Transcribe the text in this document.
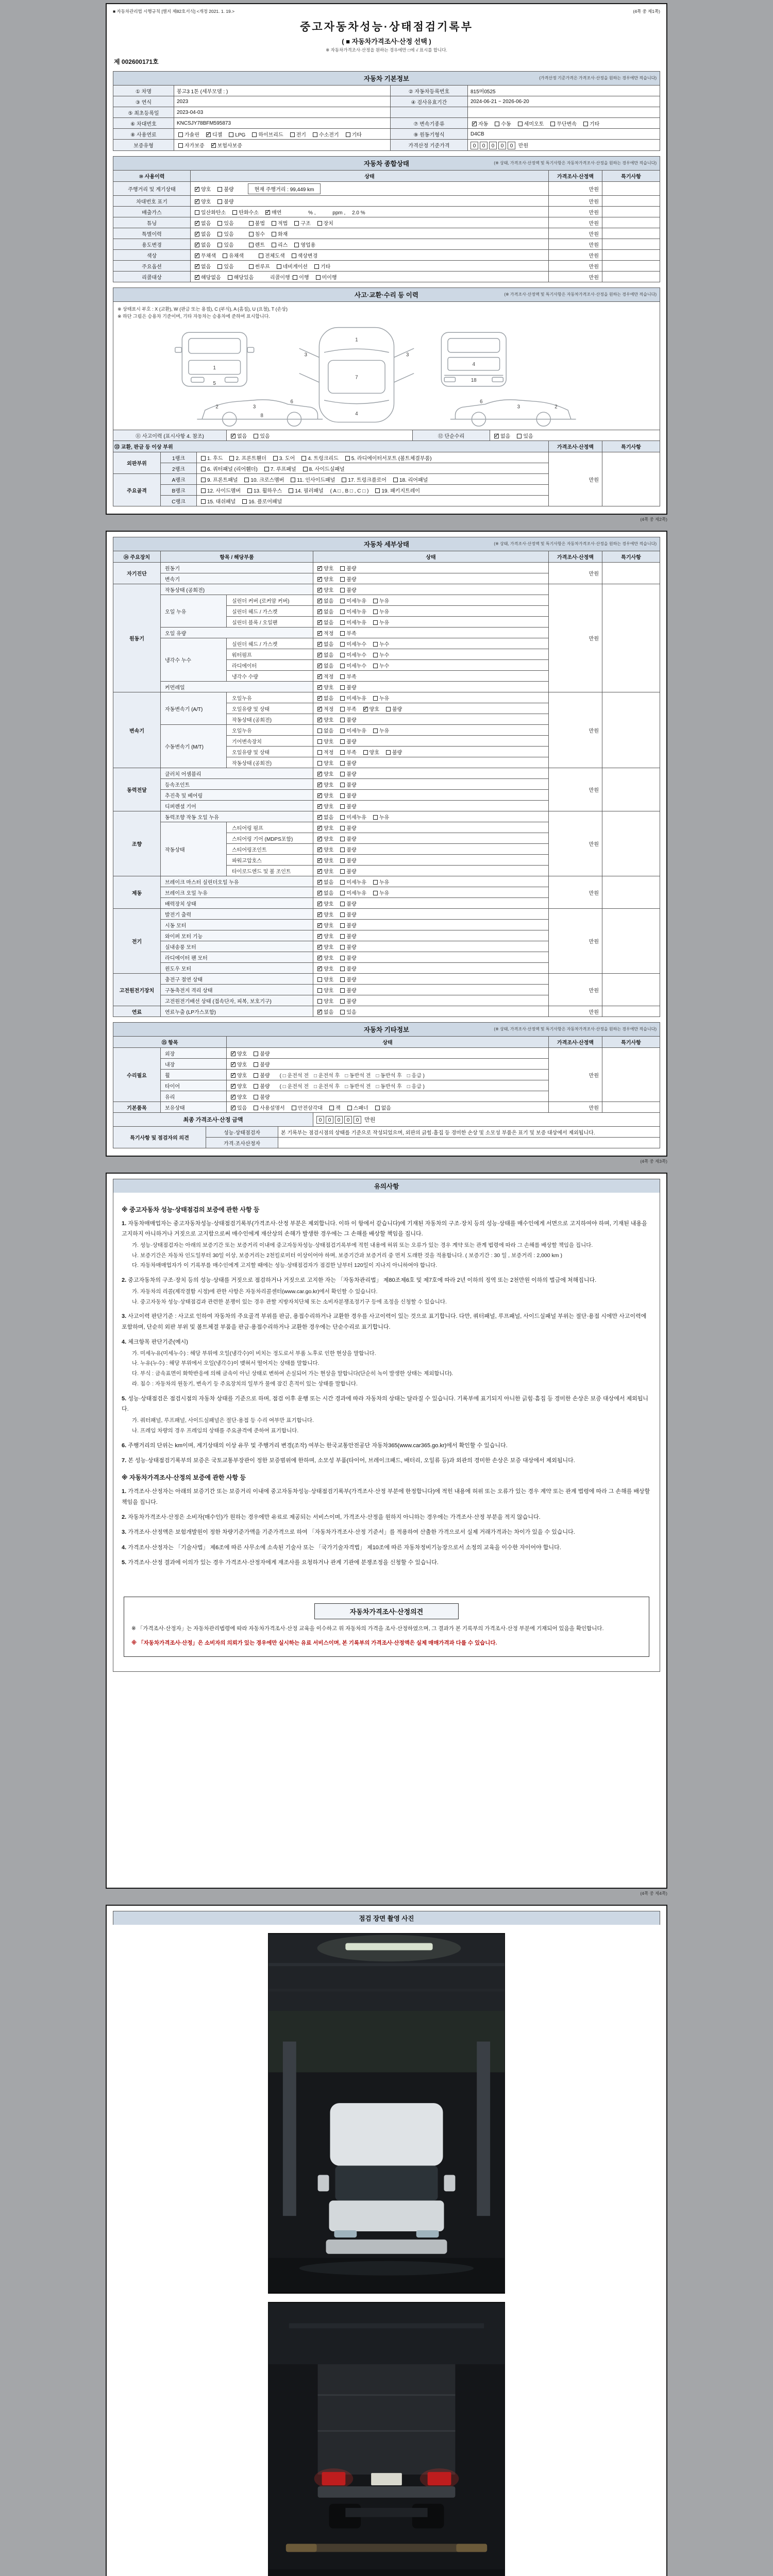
■ 자동차관리법 시행규칙 [별지 제82호서식] <개정 2021. 1. 19.>	(4쪽 중 제1쪽)
중고자동차성능·상태점검기록부
( ■ 자동차가격조사·산정 선택 )
※ 자동차가격조사·산정을 원하는 경우에만 □에 √ 표시를 합니다.
제 002600171호
자동차 기본정보	(가격산정 기준가격은 가격조사·산정을 원하는 경우에만 적습니다)
① 차명	봉고3 1톤 (세부모델 : )	② 자동차등록번호	815머0525
③ 연식	2023	④ 검사유효기간	2024-06-21 ~ 2026-06-20
⑤ 최초등록일	2023-04-03		
⑥ 차대번호	KNCSJY78BFM595873	⑦ 변속기종류	✓자동 수동 세미오토 무단변속 기타
⑧ 사용연료	가솔린 ✓ 디젤 LPG 하이브리드 전기 수소전기 기타	⑨ 원동기형식	D4CB
보증유형	자가보증 ✓ 보험사보증	가격산정 기준가격	0 0 0 0 0 만원
자동차 종합상태	(※ 상태, 가격조사·산정액 및 특기사항은 자동차가격조사·산정을 원하는 경우에만 적습니다)
⑩ 사용이력	상태	가격조사·산정액	특기사항
주행거리 및 계기상태	✓양호 불량 현재 주행거리 : 99,449 km	만원	
차대번호 표기	✓양호 불량	만원	
배출가스	일산화탄소 탄화수소 ✓ 매연　　　 % ,　　　 ppm ,　 2.0 %	만원	
튜닝	✓없음 있음　 불법 적법 구조 장치	만원	
특별이력	✓없음 있음　 침수 화재	만원	
용도변경	✓없음 있음　 렌트 리스 영업용	만원	
색상	✓무채색 유채색　 전체도색 색상변경	만원	
주요옵션	✓없음 있음　 썬루프 네비게이션 기타	만원	
리콜대상	✓해당없음 해당있음　 리콜이행 : 이행 미이행	만원	
사고·교환·수리 등 이력	(※ 가격조사·산정액 및 특기사항은 자동차가격조사·산정을 원하는 경우에만 적습니다)
※ 상태표시 부호 : X (교환), W (판금 또는 용접), C (부식), A (흠집), U (요철), T (손상)
※ 하단 그림은 승용차 기준이며, 기타 자동차는 승용차에 준하여 표시합니다.
1
5
1
7
4
3	3
4
18
2	3
6
8
2
3
6
⑪ 사고이력 (표시사항 4. 참조)	✓없음	있음	⑫ 단순수리	✓없음	있음
⑬ 교환, 판금 등 이상 부위			가격조사·산정액	특기사항
외판부위	1랭크	1. 후드 2. 프론트휀더 3. 도어 4. 트렁크리드 5. 라디에이터서포트 (볼트체결부품)	만원	
	2랭크	6. 쿼터패널 (리어휀더) 7. 루프패널 8. 사이드실패널		
주요골격	A랭크	9. 프론트패널 10. 크로스멤버 11. 인사이드패널 17. 트렁크플로어 18. 리어패널		
	B랭크	12. 사이드멤버 13. 휠하우스 14. 필러패널 ( A □ , B □ , C □ ) 19. 패키지트레이		
	C랭크	15. 대쉬패널 16. 플로어패널		
(4쪽 중 제2쪽)
자동차 세부상태	(※ 상태, 가격조사·산정액 및 특기사항은 자동차가격조사·산정을 원하는 경우에만 적습니다)
⑭ 주요장치	항목 / 해당부품		상태	가격조사·산정액	특기사항
자기진단	원동기	✓양호 불량	만원	
	변속기	✓양호 불량
원동기	작동상태 (공회전)	✓양호 불량	만원	
	오일 누유	실린더 커버 (로커암 커버)	✓없음 미세누유 누유
		실린더 헤드 / 가스켓	✓없음 미세누유 누유
		실린더 블록 / 오일팬	✓없음 미세누유 누유
	오일 유량	✓적정 부족
	냉각수 누수	실린더 헤드 / 가스켓	✓없음 미세누수 누수
		워터펌프	✓없음 미세누수 누수
		라디에이터	✓없음 미세누수 누수
		냉각수 수량	✓적정 부족
	커먼레일	✓양호 불량
변속기	자동변속기 (A/T)	오일누유	✓없음 미세누유 누유	만원	
		오일유량 및 상태	✓적정 부족 ✓ 양호 불량
		작동상태 (공회전)	✓양호 불량
	수동변속기 (M/T)	오일누유	없음 미세누유 누유		
		기어변속장치	양호 불량		
		오일유량 및 상태	적정 부족 양호 불량		
		작동상태 (공회전)	양호 불량		
동력전달	클러치 어셈블리	✓양호 불량	만원	
	등속조인트	✓양호 불량
	추진축 및 베어링	✓양호 불량
	디퍼렌셜 기어	✓양호 불량
조향	동력조향 작동 오일 누유	✓없음 미세누유 누유	만원	
	작동상태	스티어링 펌프	✓양호 불량
		스티어링 기어 (MDPS포함)	✓양호 불량
		스티어링조인트	✓양호 불량
		파워고압호스	✓양호 불량
		타이로드엔드 및 볼 조인트	✓양호 불량
제동	브레이크 마스터 실린더오일 누유	✓없음 미세누유 누유	만원	
	브레이크 오일 누유	✓없음 미세누유 누유
	배력장치 상태	✓양호 불량
전기	발전기 출력	✓양호 불량	만원	
	시동 모터	✓양호 불량
	와이퍼 모터 기능	✓양호 불량
	실내송풍 모터	✓양호 불량
	라디에이터 팬 모터	✓양호 불량
	윈도우 모터	✓양호 불량
고전원전기장치	충전구 절연 상태		양호 불량	만원	
	구동축전지 격리 상태		양호 불량		
	고전원전기배선 상태 (접속단자, 피복, 보호기구)		양호 불량		
연료	연료누출 (LP가스포함)	✓없음 있음	만원	
자동차 기타정보	(※ 상태, 가격조사·산정액 및 특기사항은 자동차가격조사·산정을 원하는 경우에만 적습니다)
⑮ 항목		상태	가격조사·산정액	특기사항
수리필요	외장	✓양호 불량	만원	
	내장	✓양호 불량
	휠	✓양호 불량 ( □ 운전석 전　□ 운전석 후　□ 동반석 전　□ 동반석 후　□ 응급 )
	타이어	✓양호 불량 ( □ 운전석 전　□ 운전석 후　□ 동반석 전　□ 동반석 후　□ 응급 )
	유리	✓양호 불량
기본품목	보유상태	✓있음 사용설명서 안전삼각대 잭 스패너 없음	만원	
최종 가격조사·산정 금액	0 0 0 0 0 만원
특기사항 및 점검자의 의견	성능·상태점검자	본 기록부는 점검시점의 상태를 기준으로 작성되었으며, 외판의 긁힘·흠집 등 경미한 손상 및 소모성 부품은 표기 및 보증 대상에서 제외됩니다.
	가격·조사산정자	
(4쪽 중 제3쪽)
유의사항
※ 중고자동차 성능·상태점검의 보증에 관한 사항 등
1. 자동차매매업자는 중고자동차성능·상태점검기록부(가격조사·산정 부분은 제외합니다. 이하 이 항에서 같습니다)에 기재된 자동차의 구조·장치 등의 성능·상태를 매수인에게 서면으로 고지하여야 하며, 기재된 내용을 고지하지 아니하거나 거짓으로 고지함으로써 매수인에게 재산상의 손해가 발생한 경우에는 그 손해를 배상할 책임을 집니다.
가. 성능·상태점검자는 아래의 보증기간 또는 보증거리 이내에 중고자동차성능·상태점검기록부에 적힌 내용에 허위 또는 오류가 있는 경우 계약 또는 관계 법령에 따라 그 손해를 배상할 책임을 집니다.
나. 보증기간은 자동차 인도일부터 30일 이상, 보증거리는 2천킬로미터 이상이어야 하며, 보증기간과 보증거리 중 먼저 도래한 것을 적용합니다. ( 보증기간 : 30 일 , 보증거리 : 2,000 km )
다. 자동차매매업자가 이 기록부를 매수인에게 고지할 때에는 성능·상태점검자가 점검한 날부터 120일이 지나지 아니하여야 합니다.
2. 중고자동차의 구조·장치 등의 성능·상태를 거짓으로 점검하거나 거짓으로 고지한 자는 「자동차관리법」 제80조제6호 및 제7호에 따라 2년 이하의 징역 또는 2천만원 이하의 벌금에 처해집니다.
가. 자동차의 리콜(제작결함 시정)에 관한 사항은 자동차리콜센터(www.car.go.kr)에서 확인할 수 있습니다.
나. 중고자동차 성능·상태점검과 관련한 분쟁이 있는 경우 관할 지방자치단체 또는 소비자분쟁조정기구 등에 조정을 신청할 수 있습니다.
3. 사고이력 판단기준 : 사고로 인하여 자동차의 주요골격 부위를 판금, 용접수리하거나 교환한 경우를 사고이력이 있는 것으로 표기합니다. 다만, 쿼터패널, 루프패널, 사이드실패널 부위는 절단·용접 시에만 사고이력에 포함하며, 단순히 외판 부위 및 볼트체결 부품을 판금·용접수리하거나 교환한 경우에는 단순수리로 표기합니다.
4. 체크항목 판단기준(예시)
가. 미세누유(미세누수) : 해당 부위에 오일(냉각수)이 비치는 정도로서 부품 노후로 인한 현상을 말합니다.
나. 누유(누수) : 해당 부위에서 오일(냉각수)이 맺혀서 떨어지는 상태를 말합니다.
다. 부식 : 금속표면이 화학반응에 의해 금속이 아닌 상태로 변하여 손실되어 가는 현상을 말합니다(단순히 녹이 발생한 상태는 제외합니다).
라. 침수 : 자동차의 원동기, 변속기 등 주요장치의 일부가 물에 잠긴 흔적이 있는 상태를 말합니다.
5. 성능·상태점검은 점검시점의 자동차 상태를 기준으로 하며, 점검 이후 운행 또는 시간 경과에 따라 자동차의 상태는 달라질 수 있습니다. 기록부에 표기되지 아니한 긁힘·흠집 등 경미한 손상은 보증 대상에서 제외됩니다.
가. 쿼터패널, 루프패널, 사이드실패널은 절단·용접 등 수리 여부만 표기합니다.
나. 프레임 차량의 경우 프레임의 상태를 주요골격에 준하여 표기합니다.
6. 주행거리의 단위는 km이며, 계기상태의 이상 유무 및 주행거리 변경(조작) 여부는 한국교통안전공단 자동차365(www.car365.go.kr)에서 확인할 수 있습니다.
7. 본 성능·상태점검기록부의 보증은 국토교통부장관이 정한 보증범위에 한하며, 소모성 부품(타이어, 브레이크패드, 배터리, 오일류 등)과 외관의 경미한 손상은 보증 대상에서 제외됩니다.
※ 자동차가격조사·산정의 보증에 관한 사항 등
1. 가격조사·산정자는 아래의 보증기간 또는 보증거리 이내에 중고자동차성능·상태점검기록부(가격조사·산정 부분에 한정합니다)에 적힌 내용에 허위 또는 오류가 있는 경우 계약 또는 관계 법령에 따라 그 손해를 배상할 책임을 집니다.
2. 자동차가격조사·산정은 소비자(매수인)가 원하는 경우에만 유료로 제공되는 서비스이며, 가격조사·산정을 원하지 아니하는 경우에는 가격조사·산정 부분을 적지 않습니다.
3. 가격조사·산정액은 보험개발원이 정한 차량기준가액을 기준가격으로 하여 「자동차가격조사·산정 기준서」를 적용하여 산출한 가격으로서 실제 거래가격과는 차이가 있을 수 있습니다.
4. 가격조사·산정자는 「기술사법」 제6조에 따른 사무소에 소속된 기술사 또는 「국가기술자격법」 제10조에 따른 자동차정비기능장으로서 소정의 교육을 이수한 자이어야 합니다.
5. 가격조사·산정 결과에 이의가 있는 경우 가격조사·산정자에게 재조사를 요청하거나 관계 기관에 분쟁조정을 신청할 수 있습니다.
자동차가격조사·산정의견
※ 「가격조사·산정자」는 자동차관리법령에 따라 자동차가격조사·산정 교육을 이수하고 위 자동차의 가격을 조사·산정하였으며, 그 결과가 본 기록부의 가격조사·산정 부분에 기재되어 있음을 확인합니다.
※ 「자동차가격조사·산정」은 소비자의 의뢰가 있는 경우에만 실시하는 유료 서비스이며, 본 기록부의 가격조사·산정액은 실제 매매가격과 다를 수 있습니다.
(4쪽 중 제4쪽)
점검 장면 촬영 사진
